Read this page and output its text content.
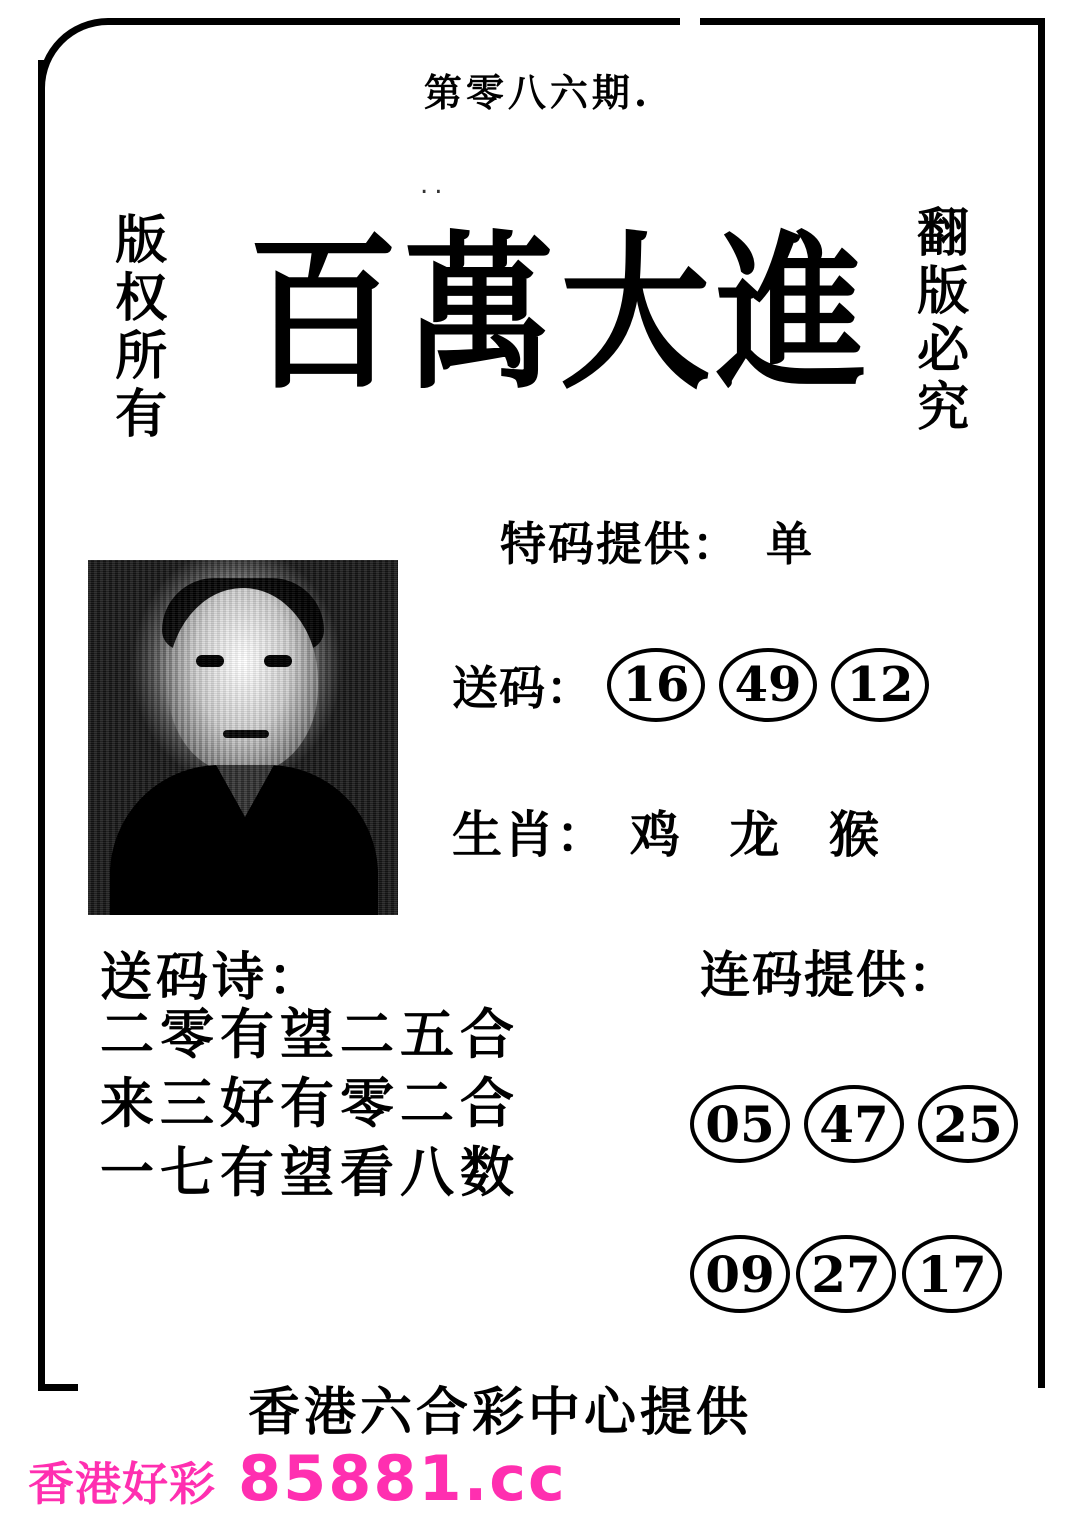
第零八六期.
..
版权所有	翻版必究
百萬大進
特码提供： 单
送码： 16 49 12
生肖： 鸡 龙 猴
送码诗：
二零有望二五合
来三好有零二合
一七有望看八数
连码提供：
05 47 25
09 27 17
香港六合彩中心提供
香港好彩 85881.cc
